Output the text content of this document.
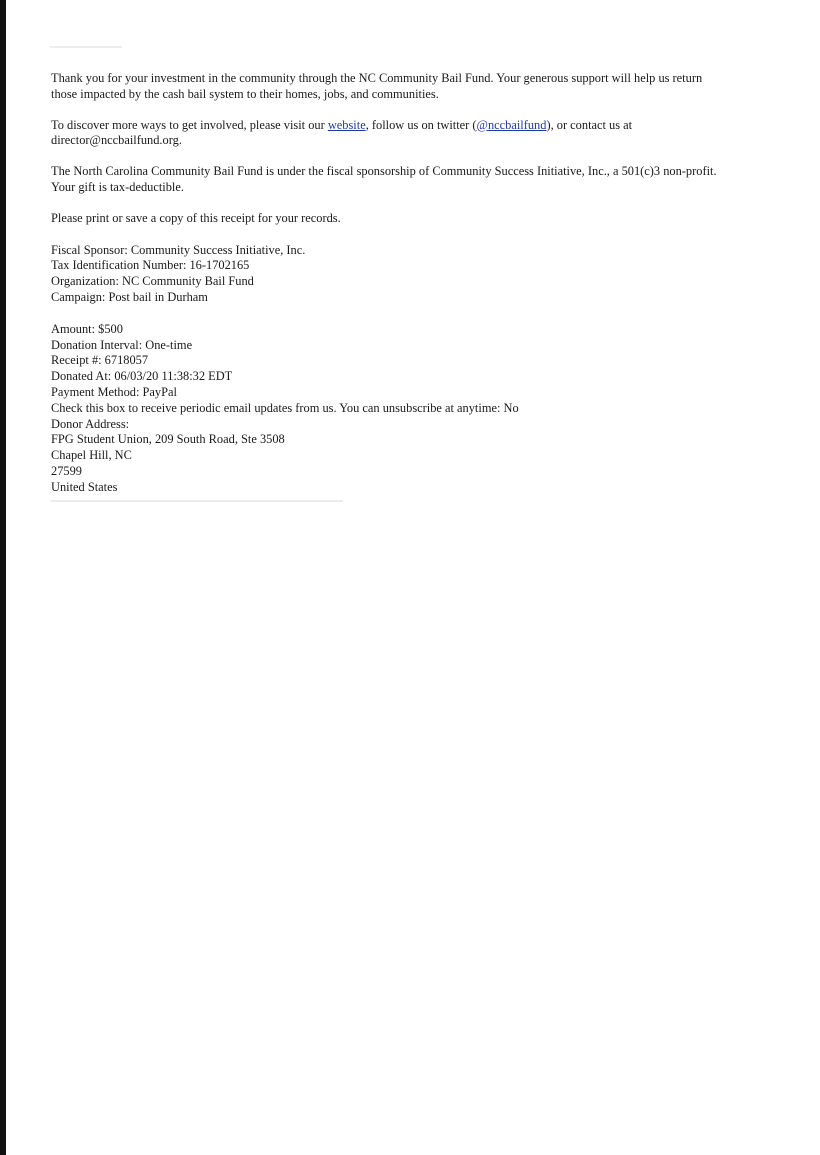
Thank you for your investment in the community through the NC Community Bail Fund. Your generous support will help us return
those impacted by the cash bail system to their homes, jobs, and communities.

To discover more ways to get involved, please visit our website, follow us on twitter (@nccbailfund), or contact us at
director@nccbailfund.org.

The North Carolina Community Bail Fund is under the fiscal sponsorship of Community Success Initiative, Inc., a 501(c)3 non-profit.
Your gift is tax-deductible.

Please print or save a copy of this receipt for your records.

Fiscal Sponsor: Community Success Initiative, Inc.
Tax Identification Number: 16-1702165
Organization: NC Community Bail Fund
Campaign: Post bail in Durham

Amount: $500
Donation Interval: One-time
Receipt #: 6718057
Donated At: 06/03/20 11:38:32 EDT
Payment Method: PayPal
Check this box to receive periodic email updates from us. You can unsubscribe at anytime: No
Donor Address:
FPG Student Union, 209 South Road, Ste 3508
Chapel Hill, NC
27599
United States
